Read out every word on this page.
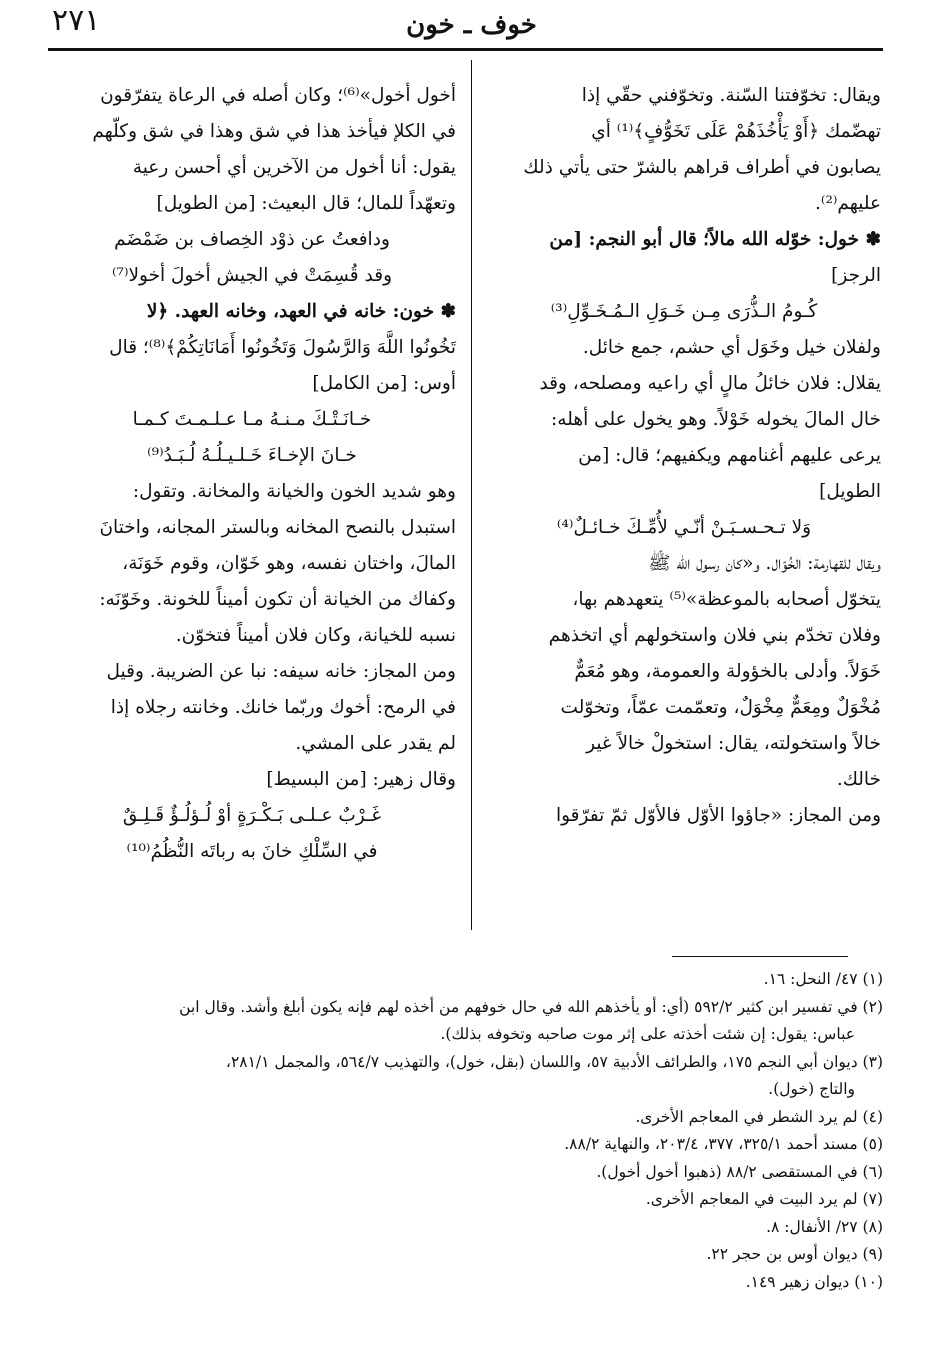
٢٧١	خوف ـ خون

ويقال: تخوّفتنا السّنة. وتخوّفني حقّي إذا

تهضّمك ﴿أَوْ يَأْخُذَهُمْ عَلَى تَخَوُّفٍ﴾⁽¹⁾ أي

يصابون في أطراف قراهم بالشرّ حتى يأتي ذلك

عليهم⁽²⁾.

✽ خول: خوّله الله مالاً؛ قال أبو النجم: [من

الرجز]

كُـومُ الـذُّرَى مِـن خَـوَلِ الـمُـخَـوِّلِ⁽³⁾

ولفلان خيل وخَوَل أي حشم، جمع خائل.

يقلال: فلان خائلُ مالٍ أي راعيه ومصلحه، وقد

خال المالَ يخوله خَوْلاً. وهو يخول على أهله:

يرعى عليهم أغنامهم ويكفيهم؛ قال: [من

الطويل]

وَلا تـحـسـبَـنْ أنّـي لأُمِّـكَ خـائـلٌ⁽⁴⁾

ويقال للقهارمة: الخُوّال. و«كان رسول الله ﷺ

يتخوّل أصحابه بالموعظة»⁽⁵⁾ يتعهدهم بها،

وفلان تخدّم بني فلان واستخولهم أي اتخذهم

خَوَلاً. وأدلى بالخؤولة والعمومة، وهو مُعَمٌّ

مُخْوَلٌ ومِعَمٌّ مِخْوَلٌ، وتعمّمت عمّاً، وتخوّلت

خالاً واستخولته، يقال: استخولْ خالاً غير

خالك.

ومن المجاز: «جاؤوا الأوّل فالأوّل ثمّ تفرّقوا

أخول أخول»⁽⁶⁾؛ وكان أصله في الرعاة يتفرّقون

في الكلإ فيأخذ هذا في شق وهذا في شق وكلّهم

يقول: أنا أخول من الآخرين أي أحسن رعية

وتعهّداً للمال؛ قال البعيث: [من الطويل]

ودافعتُ عن ذوْد الخِصاف بن ضَمْضَم

وقد قُسِمَتْ في الجيش أخولَ أخولا⁽⁷⁾

✽ خون: خانه في العهد، وخانه العهد. ﴿لا

تَخُونُوا اللَّهَ وَالرَّسُولَ وَتَخُونُوا أَمَانَاتِكُمْ﴾⁽⁸⁾؛ قال

أوس: [من الكامل]

خـانَـتْـكَ مـنـهُ مـا عـلـمـتَ كـمـا

خـانَ الإخـاءَ خَـلـيـلُـهُ لُـبَـدُ⁽⁹⁾

وهو شديد الخون والخيانة والمخانة. وتقول:

استبدل بالنصح المخانه وبالستر المجانه، واختانَ

المالَ، واختان نفسه، وهو خَوّان، وقوم خَوَنَة،

وكفاك من الخيانة أن تكون أميناً للخونة. وخَوّنَه:

نسبه للخيانة، وكان فلان أميناً فتخوّن.

ومن المجاز: خانه سيفه: نبا عن الضريبة. وقيل

في الرمح: أخوك وربّما خانك. وخانته رجلاه إذا

لم يقدر على المشي.

وقال زهير: [من البسيط]

غَـرْبٌ عـلـى بَـكْـرَةٍ أوْ لُـؤلُـؤٌ قَـلِـقٌ

في السِّلْكِ خانَ به رباتَه النُّظُمُ⁽¹⁰⁾

(١) ٤٧/ النحل: ١٦.

(٢) في تفسير ابن كثير ٥٩٢/٢ (أي: أو يأخذهم الله في حال خوفهم من أخذه لهم فإنه يكون أبلغ وأشد. وقال ابن

عباس: يقول: إن شئت أخذته على إثر موت صاحبه وتخوفه بذلك).

(٣) ديوان أبي النجم ١٧٥، والطرائف الأدبية ٥٧، واللسان (بقل، خول)، والتهذيب ٥٦٤/٧، والمجمل ٢٨١/١،

والتاج (خول).

(٤) لم يرد الشطر في المعاجم الأخرى.

(٥) مسند أحمد ٣٢٥/١، ٣٧٧، ٢٠٣/٤، والنهاية ٨٨/٢.

(٦) في المستقصى ٨٨/٢ (ذهبوا أخول أخول).

(٧) لم يرد البيت في المعاجم الأخرى.

(٨) ٢٧/ الأنفال: ٨.

(٩) ديوان أوس بن حجر ٢٢.

(١٠) ديوان زهير ١٤٩.
